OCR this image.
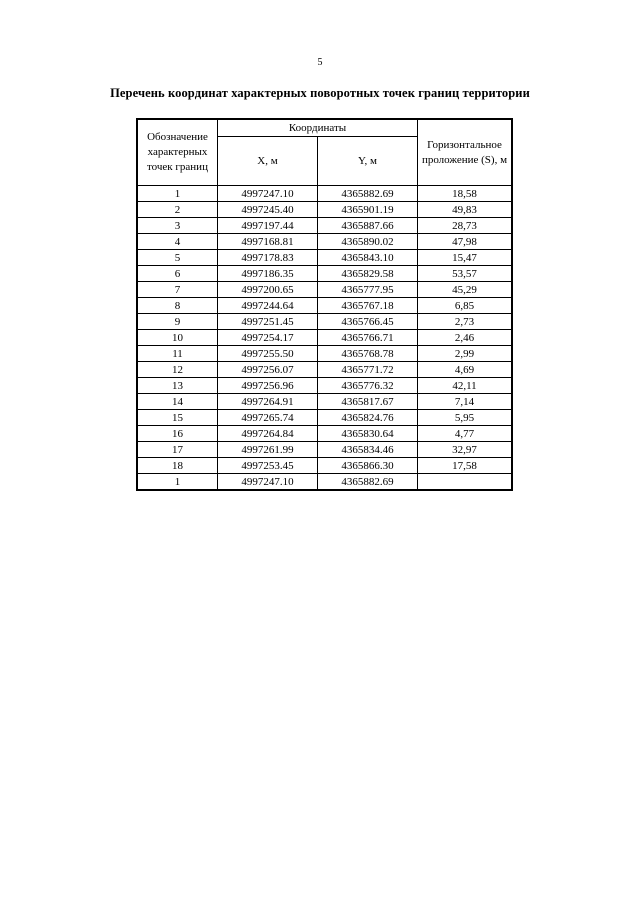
5
Перечень координат характерных поворотных точек границ территории
Обозначение характерных точек границ	Координаты		Горизонтальное проложение (S), м
	X, м	Y, м	
1	4997247.10	4365882.69	18,58
2	4997245.40	4365901.19	49,83
3	4997197.44	4365887.66	28,73
4	4997168.81	4365890.02	47,98
5	4997178.83	4365843.10	15,47
6	4997186.35	4365829.58	53,57
7	4997200.65	4365777.95	45,29
8	4997244.64	4365767.18	6,85
9	4997251.45	4365766.45	2,73
10	4997254.17	4365766.71	2,46
11	4997255.50	4365768.78	2,99
12	4997256.07	4365771.72	4,69
13	4997256.96	4365776.32	42,11
14	4997264.91	4365817.67	7,14
15	4997265.74	4365824.76	5,95
16	4997264.84	4365830.64	4,77
17	4997261.99	4365834.46	32,97
18	4997253.45	4365866.30	17,58
1	4997247.10	4365882.69	
